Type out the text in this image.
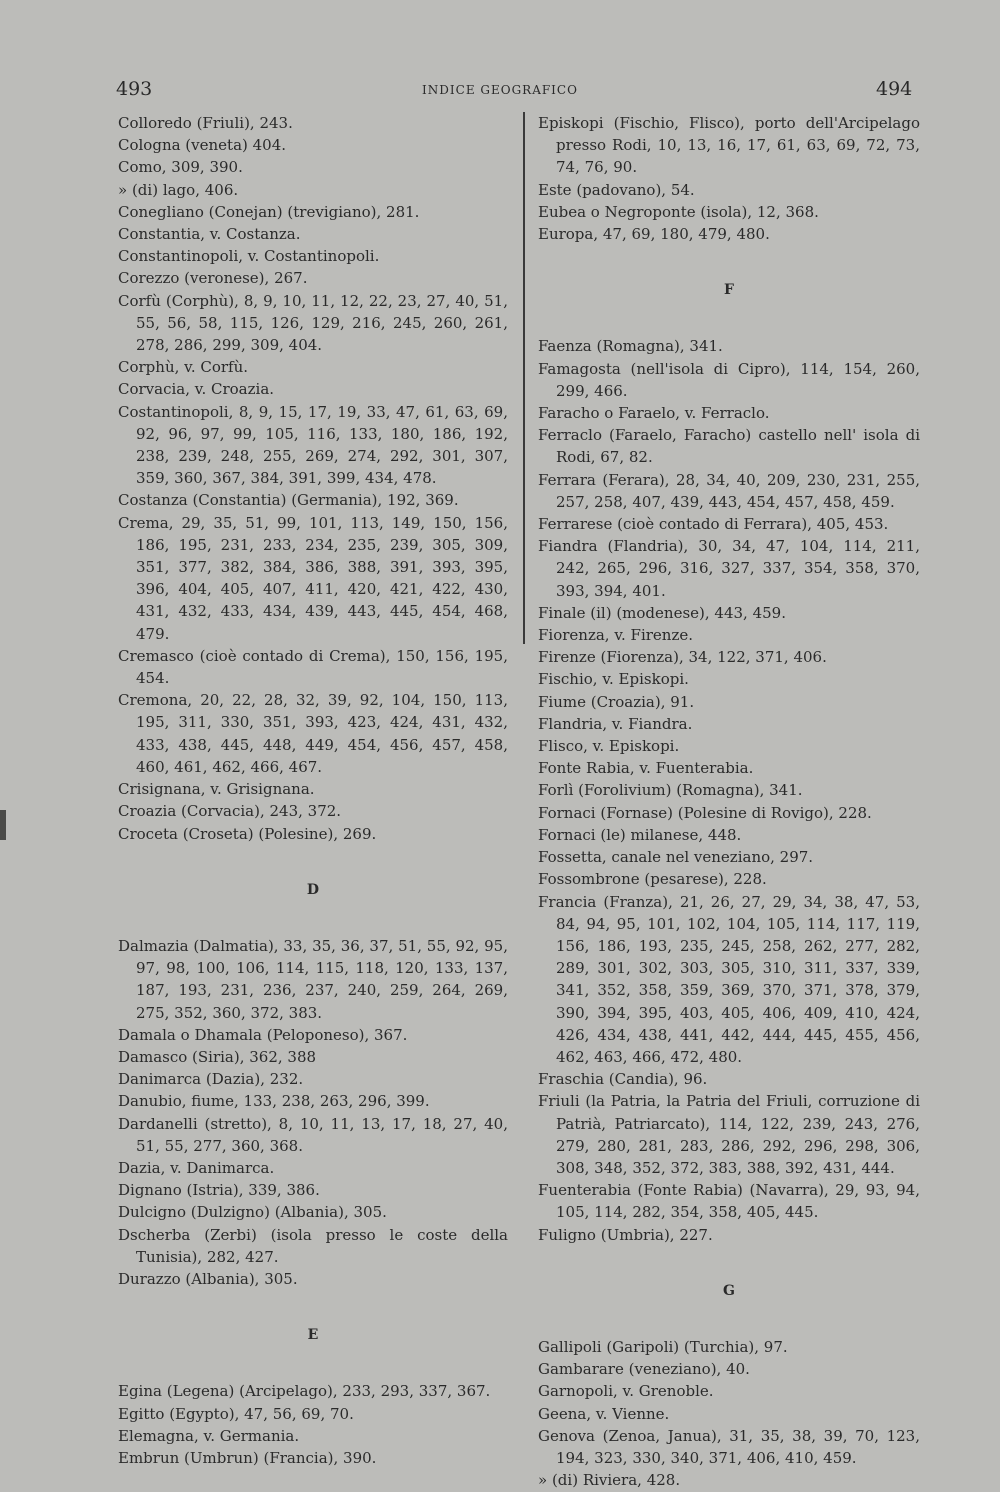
493	INDICE GEOGRAFICO	494
Colloredo (Friuli), 243.
Cologna (veneta) 404.
Como, 309, 390.
» (di) lago, 406.
Conegliano (Conejan) (trevigiano), 281.
Constantia, v. Costanza.
Constantinopoli, v. Costantinopoli.
Corezzo (veronese), 267.
Corfù (Corphù), 8, 9, 10, 11, 12, 22, 23, 27, 40, 51, 55, 56, 58, 115, 126, 129, 216, 245, 260, 261, 278, 286, 299, 309, 404.
Corphù, v. Corfù.
Corvacia, v. Croazia.
Costantinopoli, 8, 9, 15, 17, 19, 33, 47, 61, 63, 69, 92, 96, 97, 99, 105, 116, 133, 180, 186, 192, 238, 239, 248, 255, 269, 274, 292, 301, 307, 359, 360, 367, 384, 391, 399, 434, 478.
Costanza (Constantia) (Germania), 192, 369.
Crema, 29, 35, 51, 99, 101, 113, 149, 150, 156, 186, 195, 231, 233, 234, 235, 239, 305, 309, 351, 377, 382, 384, 386, 388, 391, 393, 395, 396, 404, 405, 407, 411, 420, 421, 422, 430, 431, 432, 433, 434, 439, 443, 445, 454, 468, 479.
Cremasco (cioè contado di Crema), 150, 156, 195, 454.
Cremona, 20, 22, 28, 32, 39, 92, 104, 150, 113, 195, 311, 330, 351, 393, 423, 424, 431, 432, 433, 438, 445, 448, 449, 454, 456, 457, 458, 460, 461, 462, 466, 467.
Crisignana, v. Grisignana.
Croazia (Corvacia), 243, 372.
Croceta (Croseta) (Polesine), 269.
D
Dalmazia (Dalmatia), 33, 35, 36, 37, 51, 55, 92, 95, 97, 98, 100, 106, 114, 115, 118, 120, 133, 137, 187, 193, 231, 236, 237, 240, 259, 264, 269, 275, 352, 360, 372, 383.
Damala o Dhamala (Peloponeso), 367.
Damasco (Siria), 362, 388
Danimarca (Dazia), 232.
Danubio, fiume, 133, 238, 263, 296, 399.
Dardanelli (stretto), 8, 10, 11, 13, 17, 18, 27, 40, 51, 55, 277, 360, 368.
Dazia, v. Danimarca.
Dignano (Istria), 339, 386.
Dulcigno (Dulzigno) (Albania), 305.
Dscherba (Zerbi) (isola presso le coste della Tunisia), 282, 427.
Durazzo (Albania), 305.
E
Egina (Legena) (Arcipelago), 233, 293, 337, 367.
Egitto (Egypto), 47, 56, 69, 70.
Elemagna, v. Germania.
Embrun (Umbrun) (Francia), 390.
Episkopi (Fischio, Flisco), porto dell'Arcipelago presso Rodi, 10, 13, 16, 17, 61, 63, 69, 72, 73, 74, 76, 90.
Este (padovano), 54.
Eubea o Negroponte (isola), 12, 368.
Europa, 47, 69, 180, 479, 480.
F
Faenza (Romagna), 341.
Famagosta (nell'isola di Cipro), 114, 154, 260, 299, 466.
Faracho o Faraelo, v. Ferraclo.
Ferraclo (Faraelo, Faracho) castello nell' isola di Rodi, 67, 82.
Ferrara (Ferara), 28, 34, 40, 209, 230, 231, 255, 257, 258, 407, 439, 443, 454, 457, 458, 459.
Ferrarese (cioè contado di Ferrara), 405, 453.
Fiandra (Flandria), 30, 34, 47, 104, 114, 211, 242, 265, 296, 316, 327, 337, 354, 358, 370, 393, 394, 401.
Finale (il) (modenese), 443, 459.
Fiorenza, v. Firenze.
Firenze (Fiorenza), 34, 122, 371, 406.
Fischio, v. Episkopi.
Fiume (Croazia), 91.
Flandria, v. Fiandra.
Flisco, v. Episkopi.
Fonte Rabia, v. Fuenterabia.
Forlì (Forolivium) (Romagna), 341.
Fornaci (Fornase) (Polesine di Rovigo), 228.
Fornaci (le) milanese, 448.
Fossetta, canale nel veneziano, 297.
Fossombrone (pesarese), 228.
Francia (Franza), 21, 26, 27, 29, 34, 38, 47, 53, 84, 94, 95, 101, 102, 104, 105, 114, 117, 119, 156, 186, 193, 235, 245, 258, 262, 277, 282, 289, 301, 302, 303, 305, 310, 311, 337, 339, 341, 352, 358, 359, 369, 370, 371, 378, 379, 390, 394, 395, 403, 405, 406, 409, 410, 424, 426, 434, 438, 441, 442, 444, 445, 455, 456, 462, 463, 466, 472, 480.
Fraschia (Candia), 96.
Friuli (la Patria, la Patria del Friuli, corruzione di Patrià, Patriarcato), 114, 122, 239, 243, 276, 279, 280, 281, 283, 286, 292, 296, 298, 306, 308, 348, 352, 372, 383, 388, 392, 431, 444.
Fuenterabia (Fonte Rabia) (Navarra), 29, 93, 94, 105, 114, 282, 354, 358, 405, 445.
Fuligno (Umbria), 227.
G
Gallipoli (Garipoli) (Turchia), 97.
Gambarare (veneziano), 40.
Garnopoli, v. Grenoble.
Geena, v. Vienne.
Genova (Zenoa, Janua), 31, 35, 38, 39, 70, 123, 194, 323, 330, 340, 371, 406, 410, 459.
» (di) Riviera, 428.
